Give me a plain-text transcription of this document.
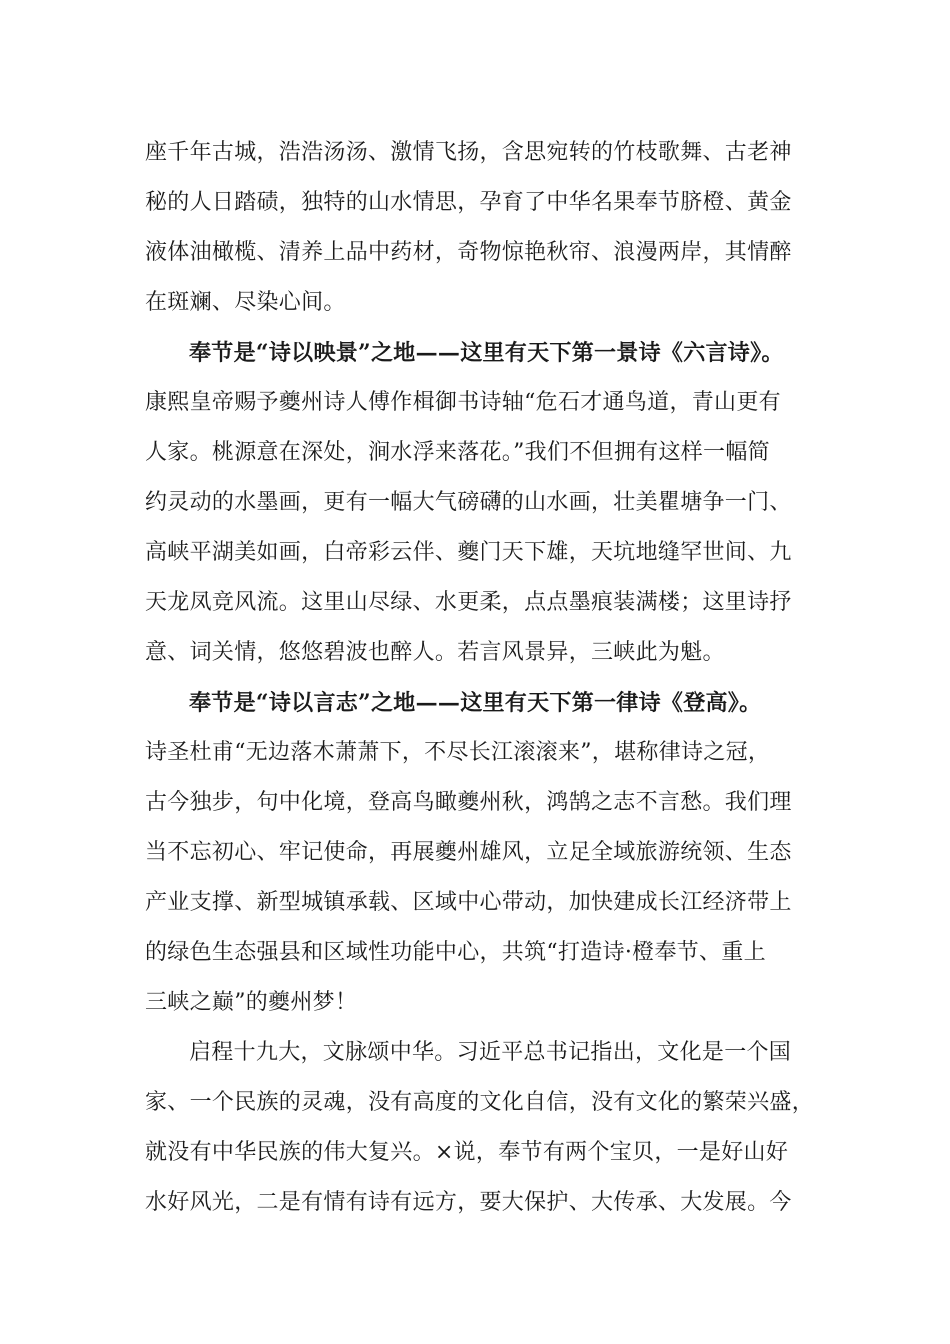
座千年古城，浩浩汤汤、激情飞扬，含思宛转的竹枝歌舞、古老神
秘的人日踏碛，独特的山水情思，孕育了中华名果奉节脐橙、黄金
液体油橄榄、清养上品中药材，奇物惊艳秋帘、浪漫两岸，其情醉
在斑斓、尽染心间。
奉节是“诗以映景”之地——这里有天下第一景诗《六言诗》。
康熙皇帝赐予夔州诗人傅作楫御书诗轴“危石才通鸟道，青山更有
人家。桃源意在深处，涧水浮来落花。”我们不但拥有这样一幅简
约灵动的水墨画，更有一幅大气磅礴的山水画，壮美瞿塘争一门、
高峡平湖美如画，白帝彩云伴、夔门天下雄，天坑地缝罕世间、九
天龙凤竞风流。这里山尽绿、水更柔，点点墨痕装满楼；这里诗抒
意、词关情，悠悠碧波也醉人。若言风景异，三峡此为魁。
奉节是“诗以言志”之地——这里有天下第一律诗《登高》。
诗圣杜甫“无边落木萧萧下，不尽长江滚滚来”，堪称律诗之冠，
古今独步，句中化境，登高鸟瞰夔州秋，鸿鹄之志不言愁。我们理
当不忘初心、牢记使命，再展夔州雄风，立足全域旅游统领、生态
产业支撑、新型城镇承载、区域中心带动，加快建成长江经济带上
的绿色生态强县和区域性功能中心，共筑“打造诗·橙奉节、重上
三峡之巅”的夔州梦！
启程十九大，文脉颂中华。习近平总书记指出，文化是一个国
家、一个民族的灵魂，没有高度的文化自信，没有文化的繁荣兴盛，
就没有中华民族的伟大复兴。×说，奉节有两个宝贝，一是好山好
水好风光，二是有情有诗有远方，要大保护、大传承、大发展。今
